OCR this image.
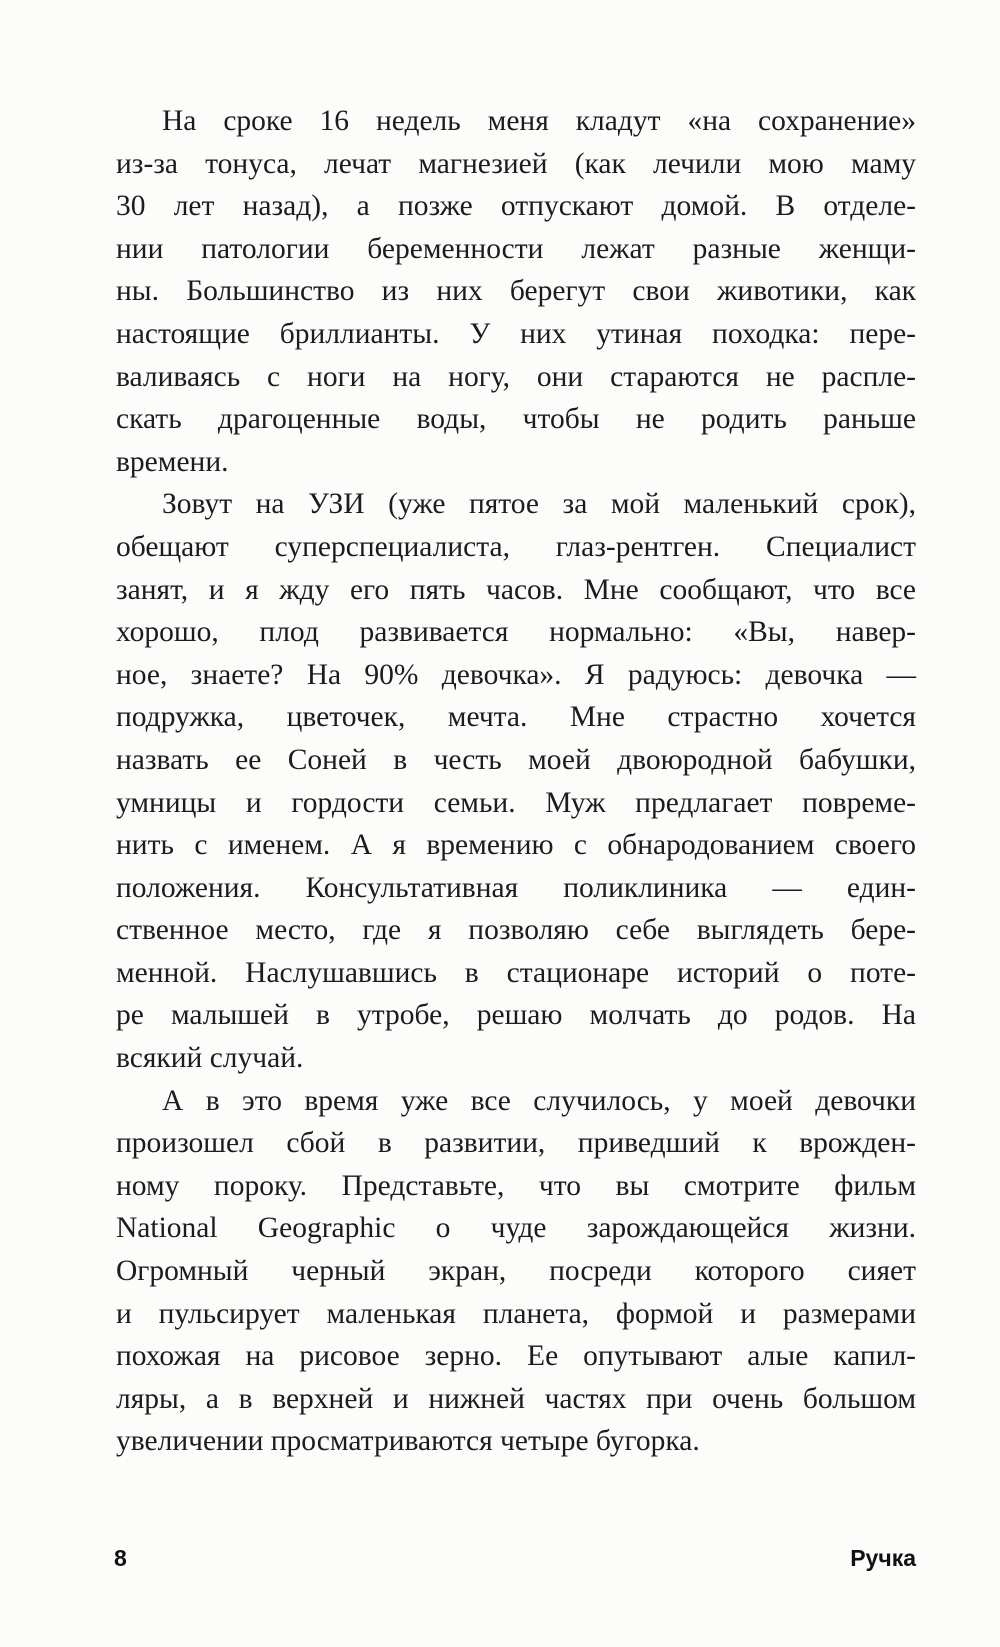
На сроке 16 недель меня кладут «на сохранение»
из-за тонуса, лечат магнезией (как лечили мою маму
30 лет назад), а позже отпускают домой. В отделе-
нии патологии беременности лежат разные женщи-
ны. Большинство из них берегут свои животики, как
настоящие бриллианты. У них утиная походка: пере-
валиваясь с ноги на ногу, они стараются не распле-
скать драгоценные воды, чтобы не родить раньше
времени.
Зовут на УЗИ (уже пятое за мой маленький срок),
обещают суперспециалиста, глаз-рентген. Специалист
занят, и я жду его пять часов. Мне сообщают, что все
хорошо, плод развивается нормально: «Вы, навер-
ное, знаете? На 90% девочка». Я радуюсь: девочка —
подружка, цветочек, мечта. Мне страстно хочется
назвать ее Соней в честь моей двоюродной бабушки,
умницы и гордости семьи. Муж предлагает повреме-
нить с именем. А я времению с обнародованием своего
положения. Консультативная поликлиника — един-
ственное место, где я позволяю себе выглядеть бере-
менной. Наслушавшись в стационаре историй о поте-
ре малышей в утробе, решаю молчать до родов. На
всякий случай.
А в это время уже все случилось, у моей девочки
произошел сбой в развитии, приведший к врожден-
ному пороку. Представьте, что вы смотрите фильм
National Geographic о чуде зарождающейся жизни.
Огромный черный экран, посреди которого сияет
и пульсирует маленькая планета, формой и размерами
похожая на рисовое зерно. Ее опутывают алые капил-
ляры, а в верхней и нижней частях при очень большом
увеличении просматриваются четыре бугорка.
8	Ручка
